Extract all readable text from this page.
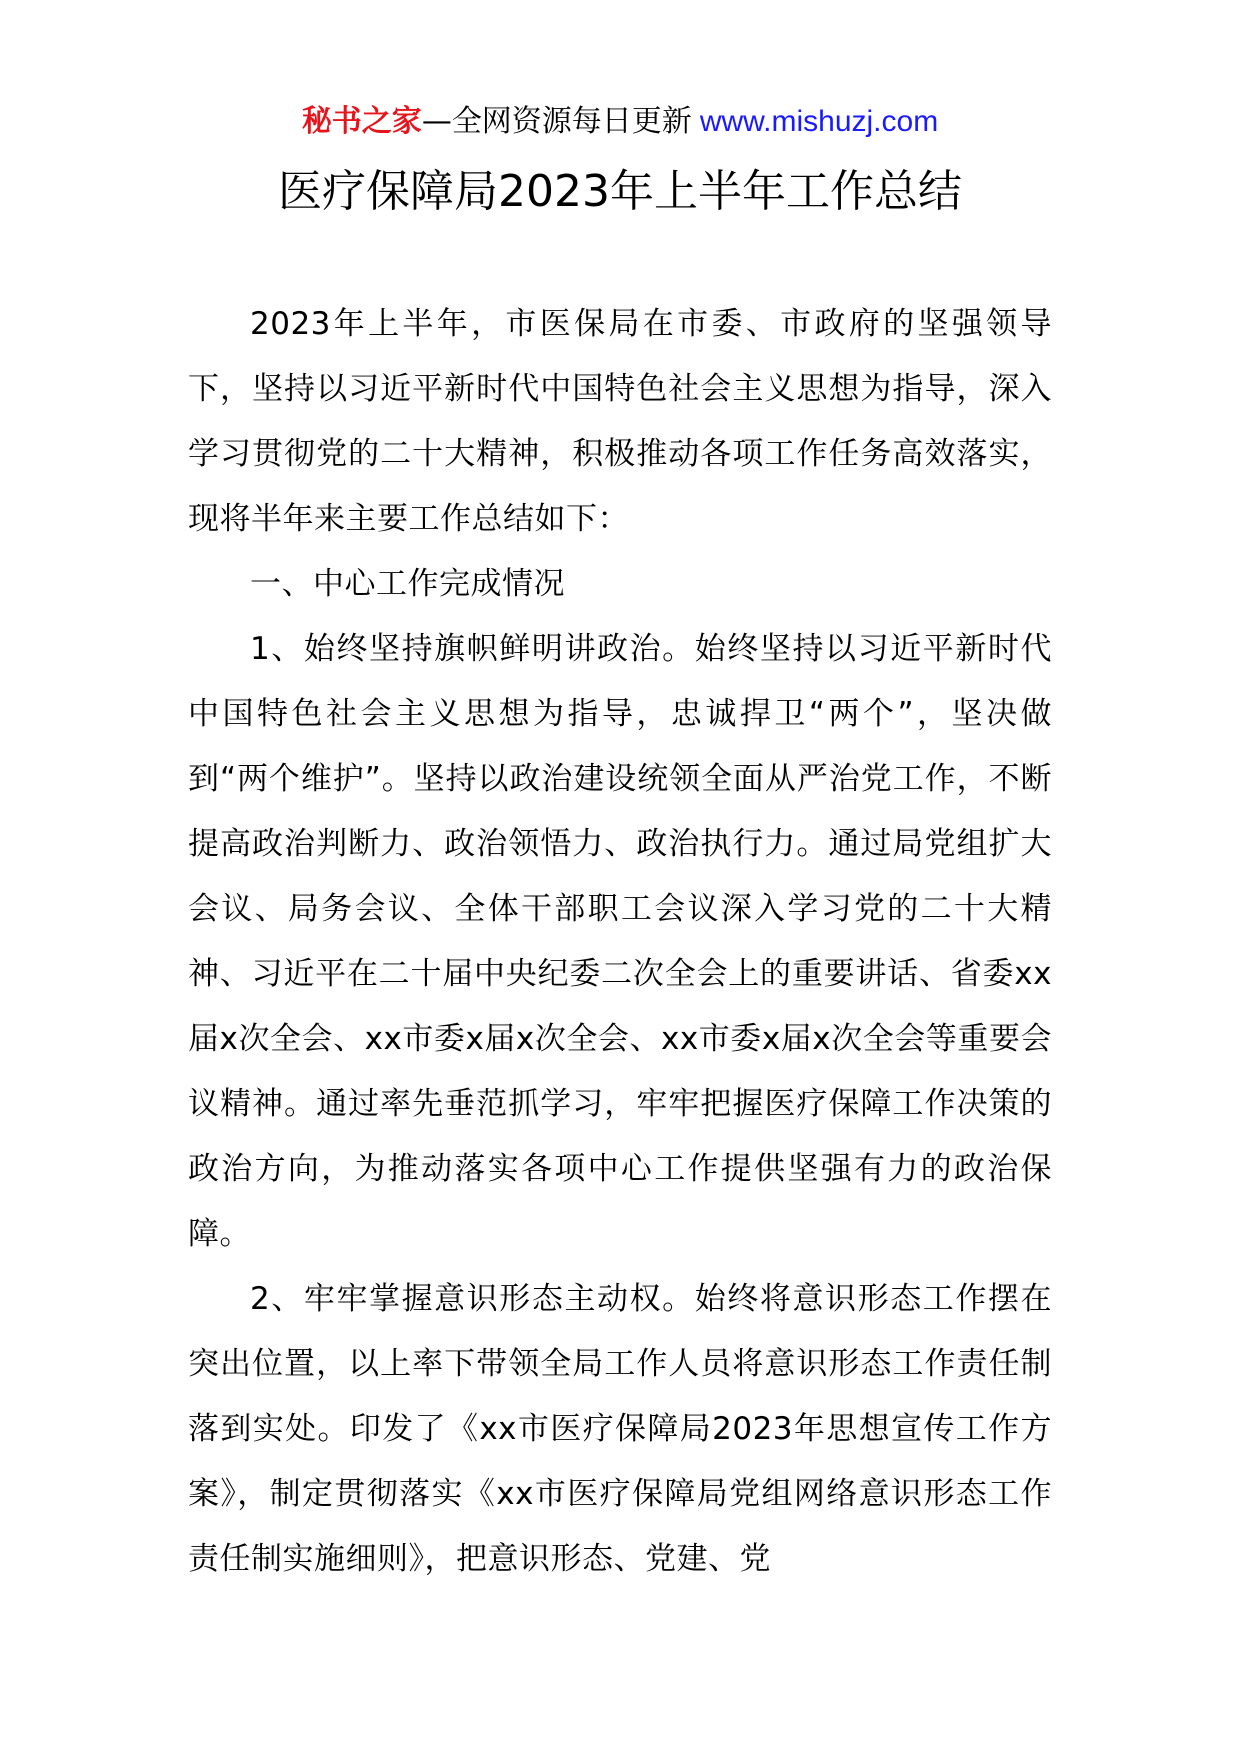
秘书之家—全网资源每日更新 www.mishuzj.com
医疗保障局2023年上半年工作总结

2023年上半年，市医保局在市委、市政府的坚强领导下，坚持以习近平新时代中国特色社会主义思想为指导，深入学习贯彻党的二十大精神，积极推动各项工作任务高效落实，现将半年来主要工作总结如下：

一、中心工作完成情况

1、始终坚持旗帜鲜明讲政治。始终坚持以习近平新时代中国特色社会主义思想为指导，忠诚捍卫“两个”，坚决做到“两个维护”。坚持以政治建设统领全面从严治党工作，不断提高政治判断力、政治领悟力、政治执行力。通过局党组扩大会议、局务会议、全体干部职工会议深入学习党的二十大精神、习近平在二十届中央纪委二次全会上的重要讲话、省委xx届x次全会、xx市委x届x次全会、xx市委x届x次全会等重要会议精神。通过率先垂范抓学习，牢牢把握医疗保障工作决策的政治方向，为推动落实各项中心工作提供坚强有力的政治保障。

2、牢牢掌握意识形态主动权。始终将意识形态工作摆在突出位置，以上率下带领全局工作人员将意识形态工作责任制落到实处。印发了《xx市医疗保障局2023年思想宣传工作方案》，制定贯彻落实《xx市医疗保障局党组网络意识形态工作责任制实施细则》，把意识形态、党建、党
